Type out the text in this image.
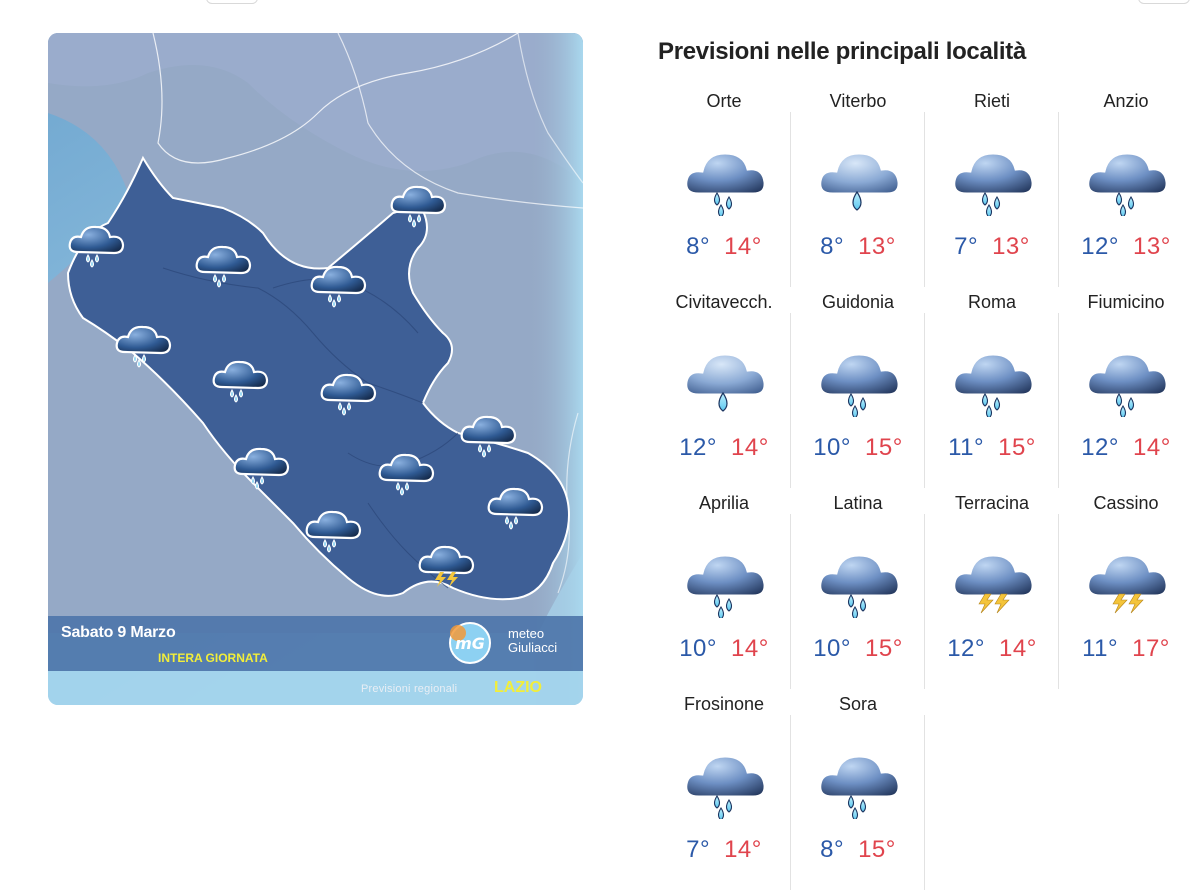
Sabato 9 Marzo
INTERA GIORNATA
mG
meteo
Giuliacci
Previsioni regionali LAZIO
Previsioni nelle principali località
Orte
8° 14°
Viterbo
8° 13°
Rieti
7° 13°
Anzio
12° 13°
Civitavecch.
12° 14°
Guidonia
10° 15°
Roma
11° 15°
Fiumicino
12° 14°
Aprilia
10° 14°
Latina
10° 15°
Terracina
12° 14°
Cassino
11° 17°
Frosinone
7° 14°
Sora
8° 15°
